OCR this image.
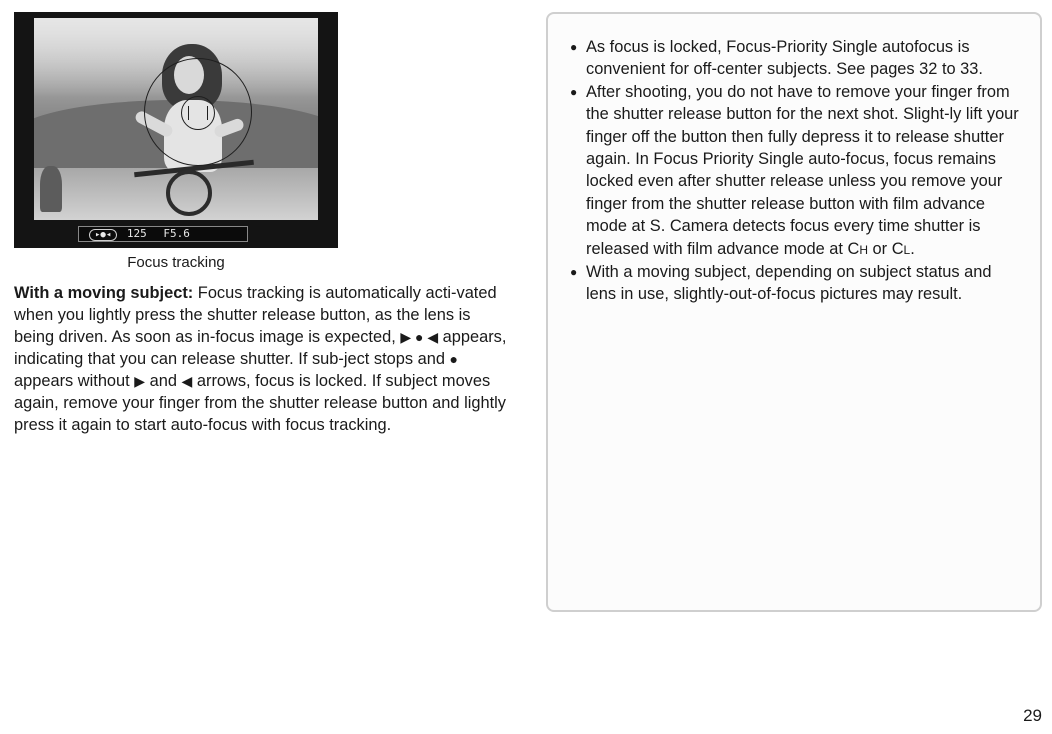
▸●◂ 125 F5.6
Focus tracking

With a moving subject: Focus tracking is automatically acti-vated when you lightly press the shutter release button, as the lens is being driven. As soon as in-focus image is expected, ▶ ● ◀ appears, indicating that you can release shutter. If sub-ject stops and ● appears without ▶ and ◀ arrows, focus is locked. If subject moves again, remove your finger from the shutter release button and lightly press it again to start auto-focus with focus tracking.

● As focus is locked, Focus-Priority Single autofocus is convenient for off-center subjects. See pages 32 to 33.
● After shooting, you do not have to remove your finger from the shutter release button for the next shot. Slight-ly lift your finger off the button then fully depress it to release shutter again. In Focus Priority Single auto-focus, focus remains locked even after shutter release unless you remove your finger from the shutter release button with film advance mode at S. Camera detects focus every time shutter is released with film advance mode at CH or CL.
● With a moving subject, depending on subject status and lens in use, slightly-out-of-focus pictures may result.
29
